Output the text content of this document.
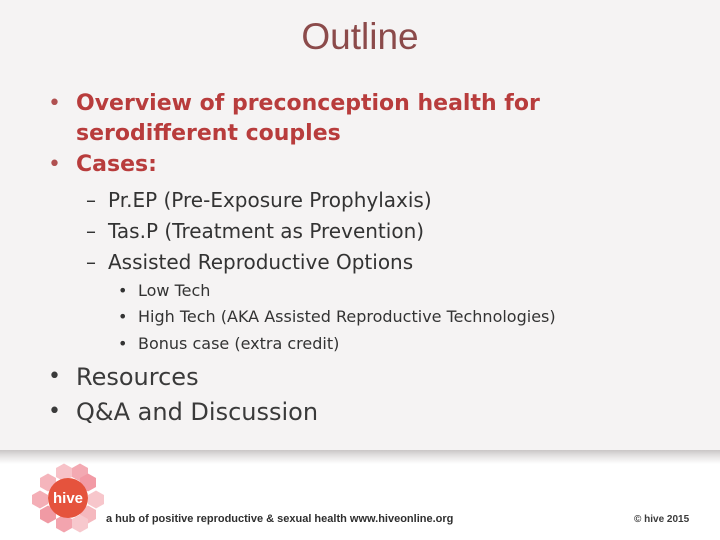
Outline
• Overview of preconception health for serodifferent couples
• Cases:
– Pr.EP (Pre-Exposure Prophylaxis)
– Tas.P (Treatment as Prevention)
– Assisted Reproductive Options
• Low Tech
• High Tech (AKA Assisted Reproductive Technologies)
• Bonus case (extra credit)
• Resources
• Q&A and Discussion
hive
a hub of positive reproductive & sexual health www.hiveonline.org	© hive 2015
